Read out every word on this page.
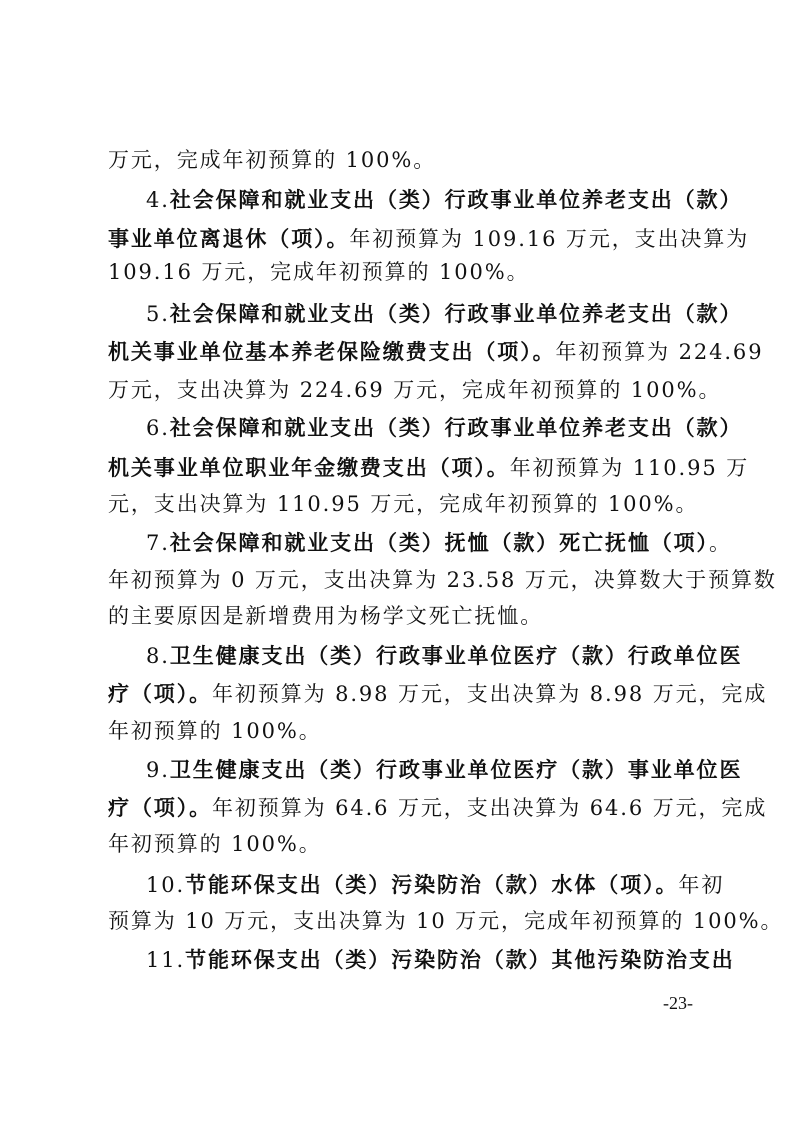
万元，完成年初预算的 100%。
4.社会保障和就业支出（类）行政事业单位养老支出（款）
事业单位离退休（项）。年初预算为 109.16 万元，支出决算为
109.16 万元，完成年初预算的 100%。
5.社会保障和就业支出（类）行政事业单位养老支出（款）
机关事业单位基本养老保险缴费支出（项）。年初预算为 224.69
万元，支出决算为 224.69 万元，完成年初预算的 100%。
6.社会保障和就业支出（类）行政事业单位养老支出（款）
机关事业单位职业年金缴费支出（项）。年初预算为 110.95 万
元，支出决算为 110.95 万元，完成年初预算的 100%。
7.社会保障和就业支出（类）抚恤（款）死亡抚恤（项）。
年初预算为 0 万元，支出决算为 23.58 万元，决算数大于预算数
的主要原因是新增费用为杨学文死亡抚恤。
8.卫生健康支出（类）行政事业单位医疗（款）行政单位医
疗（项）。年初预算为 8.98 万元，支出决算为 8.98 万元，完成
年初预算的 100%。
9.卫生健康支出（类）行政事业单位医疗（款）事业单位医
疗（项）。年初预算为 64.6 万元，支出决算为 64.6 万元，完成
年初预算的 100%。
10.节能环保支出（类）污染防治（款）水体（项）。年初
预算为 10 万元，支出决算为 10 万元，完成年初预算的 100%。
11.节能环保支出（类）污染防治（款）其他污染防治支出
-23-
